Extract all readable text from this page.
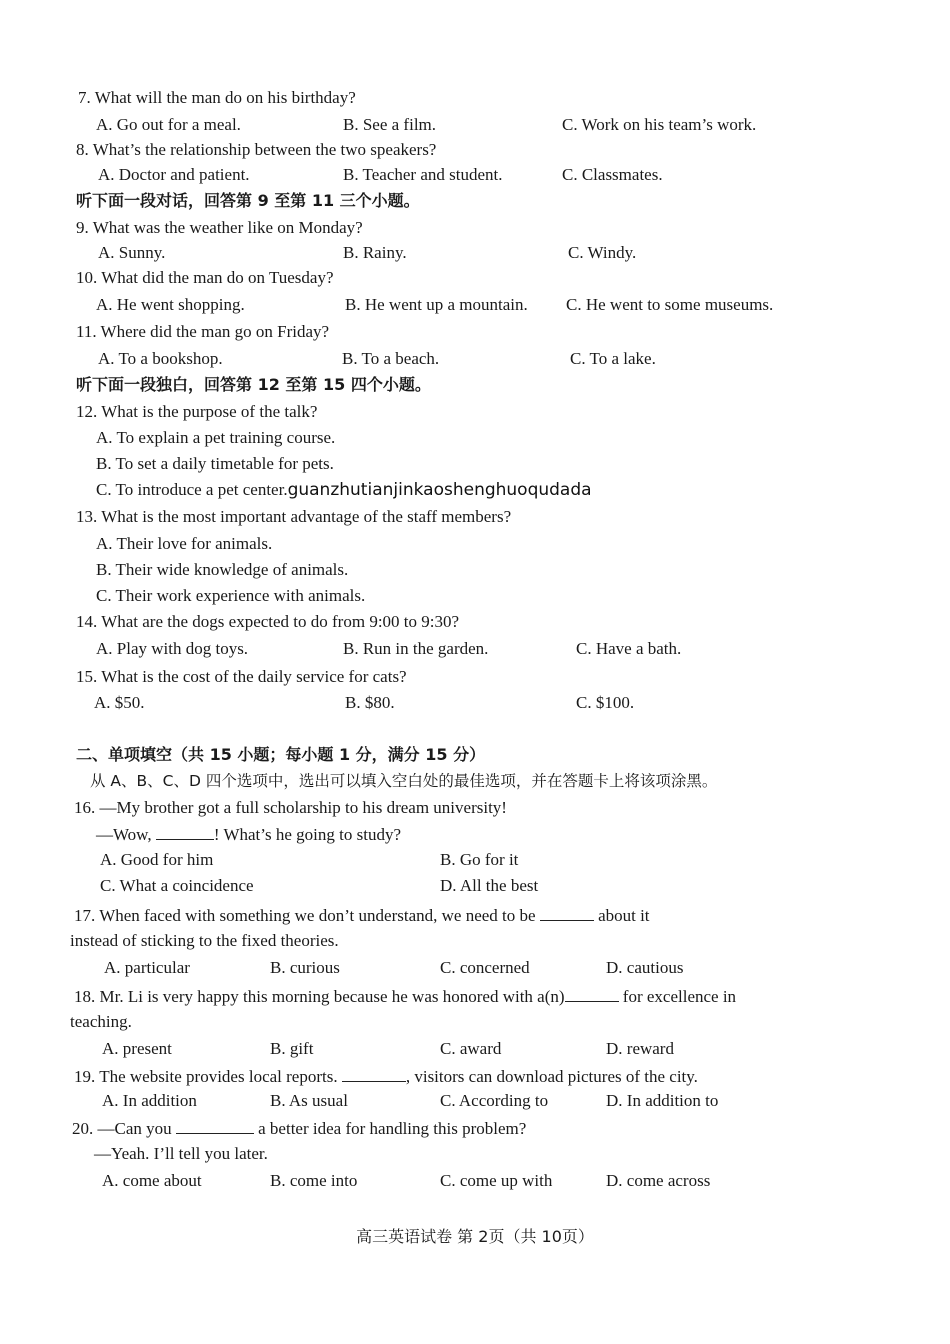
7. What will the man do on his birthday?
A. Go out for a meal.	B. See a film.	C. Work on his team’s work.
8. What’s the relationship between the two speakers?
A. Doctor and patient.	B. Teacher and student.	C. Classmates.
听下面一段对话，回答第 9 至第 11 三个小题。
9. What was the weather like on Monday?
A. Sunny.	B. Rainy.	C. Windy.
10. What did the man do on Tuesday?
A. He went shopping.	B. He went up a mountain. C. He went to some museums.
11. Where did the man go on Friday?
A. To a bookshop.	B. To a beach.	C. To a lake.
听下面一段独白，回答第 12 至第 15 四个小题。
12. What is the purpose of the talk?
A. To explain a pet training course.
B. To set a daily timetable for pets.
C. To introduce a pet center.guanzhutianjinkaoshenghuoqudada
13. What is the most important advantage of the staff members?
A. Their love for animals.
B. Their wide knowledge of animals.
C. Their work experience with animals.
14. What are the dogs expected to do from 9:00 to 9:30?
A. Play with dog toys.	B. Run in the garden.	C. Have a bath.
15. What is the cost of the daily service for cats?
A. $50.	B. $80.	C. $100.
二、单项填空（共 15 小题；每小题 1 分，满分 15 分）
从 A、B、C、D 四个选项中，选出可以填入空白处的最佳选项，并在答题卡上将该项涂黑。
16. —My brother got a full scholarship to his dream university!
—Wow,	! What’s he going to study?
A. Good for him	B. Go for it
C. What a coincidence	D. All the best
17. When faced with something we don’t understand, we need to be	about it
instead of sticking to the fixed theories.
A. particular	B. curious	C. concerned	D. cautious
18. Mr. Li is very happy this morning because he was honored with a(n)	for excellence in
teaching.
A. present	B. gift	C. award	D. reward
19. The website provides local reports.	, visitors can download pictures of the city.
A. In addition	B. As usual	C. According to	D. In addition to
20. —Can you	a better idea for handling this problem?
—Yeah. I’ll tell you later.
A. come about	B. come into	C. come up with	D. come across
高三英语试卷 第 2页（共 10页）
